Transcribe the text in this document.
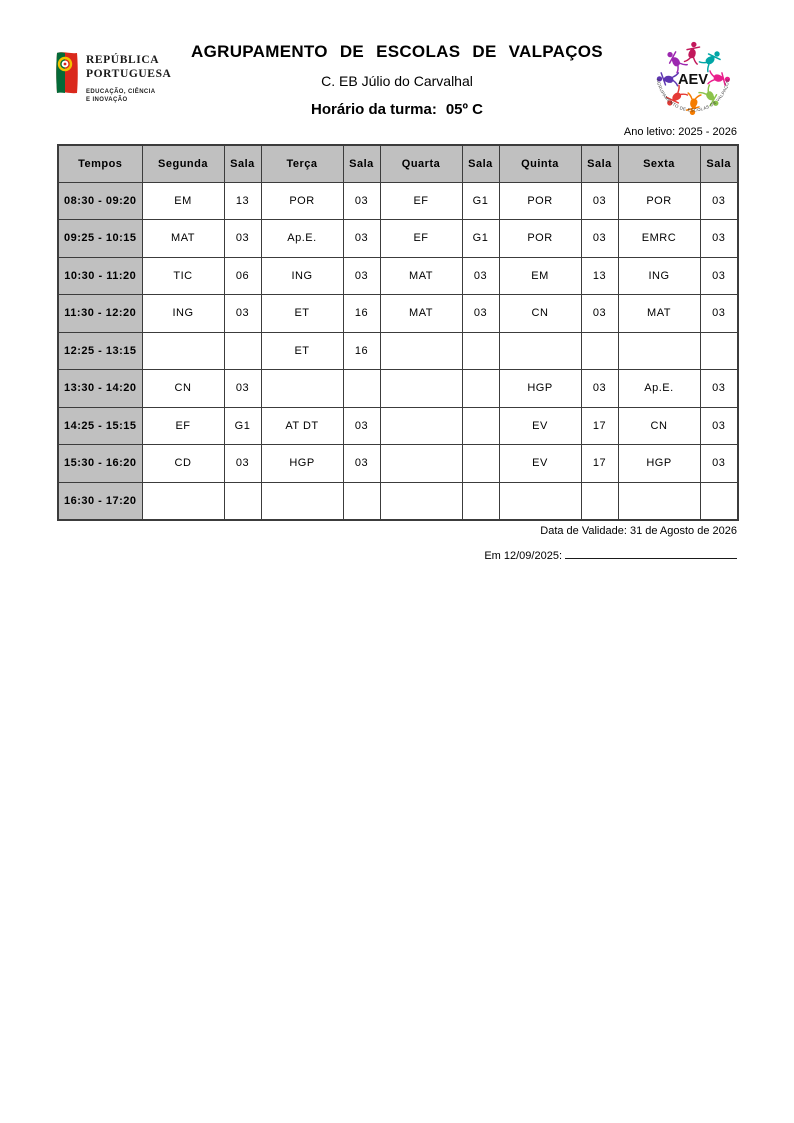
REPÚBLICA
PORTUGUESA
EDUCAÇÃO, CIÊNCIA
E INOVAÇÃO
AGRUPAMENTO DE ESCOLAS DE VALPAÇOS
C. EB Júlio do Carvalhal
Horário da turma: 05º C
AEV
AGRUPAMENTO DE ESCOLAS DE VALPAÇOS
Ano letivo: 2025 - 2026
Tempos	Segunda	Sala	Terça	Sala	Quarta	Sala	Quinta	Sala	Sexta	Sala
08:30 - 09:20	EM	13	POR	03	EF	G1	POR	03	POR	03
09:25 - 10:15	MAT	03	Ap.E.	03	EF	G1	POR	03	EMRC	03
10:30 - 11:20	TIC	06	ING	03	MAT	03	EM	13	ING	03
11:30 - 12:20	ING	03	ET	16	MAT	03	CN	03	MAT	03
12:25 - 13:15			ET	16						
13:30 - 14:20	CN	03					HGP	03	Ap.E.	03
14:25 - 15:15	EF	G1	AT DT	03			EV	17	CN	03
15:30 - 16:20	CD	03	HGP	03			EV	17	HGP	03
16:30 - 17:20										
Data de Validade: 31 de Agosto de 2026
Em 12/09/2025:
